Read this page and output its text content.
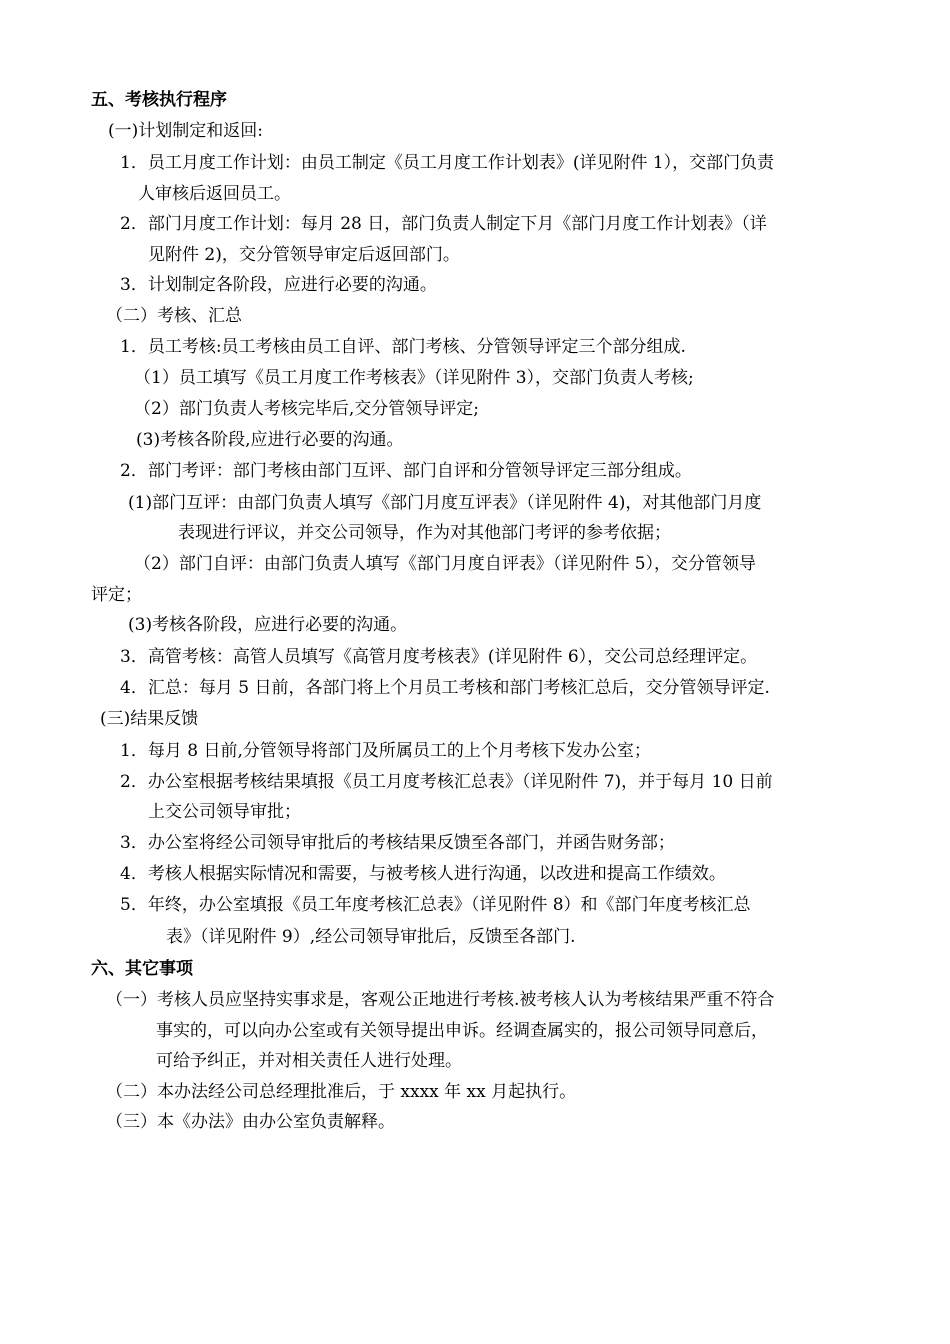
五、考核执行程序
(一)计划制定和返回:
1．员工月度工作计划：由员工制定《员工月度工作计划表》(详见附件 1），交部门负责
人审核后返回员工。
2．部门月度工作计划：每月 28 日，部门负责人制定下月《部门月度工作计划表》（详
见附件 2)，交分管领导审定后返回部门。
3．计划制定各阶段，应进行必要的沟通。
（二）考核、汇总
1．员工考核:员工考核由员工自评、部门考核、分管领导评定三个部分组成.
（1）员工填写《员工月度工作考核表》（详见附件 3），交部门负责人考核;
（2）部门负责人考核完毕后,交分管领导评定;
(3)考核各阶段,应进行必要的沟通。
2．部门考评：部门考核由部门互评、部门自评和分管领导评定三部分组成。
(1)部门互评：由部门负责人填写《部门月度互评表》（详见附件 4)，对其他部门月度
表现进行评议，并交公司领导，作为对其他部门考评的参考依据；
（2）部门自评：由部门负责人填写《部门月度自评表》（详见附件 5），交分管领导
评定；
(3)考核各阶段，应进行必要的沟通。
3．高管考核：高管人员填写《高管月度考核表》(详见附件 6），交公司总经理评定。
4．汇总：每月 5 日前，各部门将上个月员工考核和部门考核汇总后，交分管领导评定.
(三)结果反馈
1．每月 8 日前,分管领导将部门及所属员工的上个月考核下发办公室；
2．办公室根据考核结果填报《员工月度考核汇总表》（详见附件 7)，并于每月 10 日前
上交公司领导审批；
3．办公室将经公司领导审批后的考核结果反馈至各部门，并函告财务部；
4．考核人根据实际情况和需要，与被考核人进行沟通，以改进和提高工作绩效。
5．年终，办公室填报《员工年度考核汇总表》（详见附件 8）和《部门年度考核汇总
表》（详见附件 9）,经公司领导审批后，反馈至各部门.
六、其它事项
（一）考核人员应坚持实事求是，客观公正地进行考核.被考核人认为考核结果严重不符合
事实的，可以向办公室或有关领导提出申诉。经调查属实的，报公司领导同意后，
可给予纠正，并对相关责任人进行处理。
（二）本办法经公司总经理批准后，于 xxxx 年 xx 月起执行。
（三）本《办法》由办公室负责解释。
